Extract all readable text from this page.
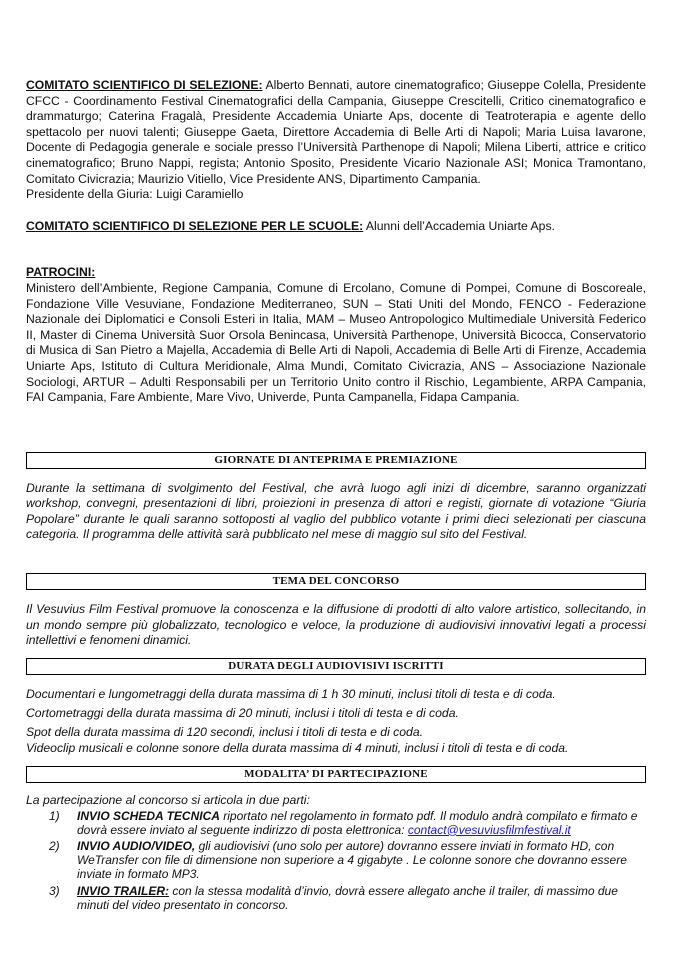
COMITATO SCIENTIFICO DI SELEZIONE: Alberto Bennati, autore cinematografico; Giuseppe Colella, Presidente CFCC - Coordinamento Festival Cinematografici della Campania, Giuseppe Crescitelli, Critico cinematografico e drammaturgo; Caterina Fragalà, Presidente Accademia Uniarte Aps, docente di Teatroterapia e agente dello spettacolo per nuovi talenti; Giuseppe Gaeta, Direttore Accademia di Belle Arti di Napoli; Maria Luisa Iavarone, Docente di Pedagogia generale e sociale presso l’Università Parthenope di Napoli; Milena Liberti, attrice e critico cinematografico; Bruno Nappi, regista; Antonio Sposito, Presidente Vicario Nazionale ASI; Monica Tramontano, Comitato Civicrazia; Maurizio Vitiello, Vice Presidente ANS, Dipartimento Campania.

Presidente della Giuria: Luigi Caramiello

COMITATO SCIENTIFICO DI SELEZIONE PER LE SCUOLE: Alunni dell’Accademia Uniarte Aps.

PATROCINI:

Ministero dell’Ambiente, Regione Campania, Comune di Ercolano, Comune di Pompei, Comune di Boscoreale, Fondazione Ville Vesuviane, Fondazione Mediterraneo, SUN – Stati Uniti del Mondo, FENCO - Federazione Nazionale dei Diplomatici e Consoli Esteri in Italia, MAM – Museo Antropologico Multimediale Università Federico II, Master di Cinema Università Suor Orsola Benincasa, Università Parthenope, Università Bicocca, Conservatorio di Musica di San Pietro a Majella, Accademia di Belle Arti di Napoli, Accademia di Belle Arti di Firenze, Accademia Uniarte Aps, Istituto di Cultura Meridionale, Alma Mundi, Comitato Civicrazia, ANS – Associazione Nazionale Sociologi, ARTUR – Adulti Responsabili per un Territorio Unito contro il Rischio, Legambiente, ARPA Campania, FAI Campania, Fare Ambiente, Mare Vivo, Univerde, Punta Campanella, Fidapa Campania.

GIORNATE DI ANTEPRIMA E PREMIAZIONE

Durante la settimana di svolgimento del Festival, che avrà luogo agli inizi di dicembre, saranno organizzati workshop, convegni, presentazioni di libri, proiezioni in presenza di attori e registi, giornate di votazione “Giuria Popolare” durante le quali saranno sottoposti al vaglio del pubblico votante i primi dieci selezionati per ciascuna categoria. Il programma delle attività sarà pubblicato nel mese di maggio sul sito del Festival.

TEMA DEL CONCORSO

Il Vesuvius Film Festival promuove la conoscenza e la diffusione di prodotti di alto valore artistico, sollecitando, in un mondo sempre più globalizzato, tecnologico e veloce, la produzione di audiovisivi innovativi legati a processi intellettivi e fenomeni dinamici.

DURATA DEGLI AUDIOVISIVI ISCRITTI

Documentari e lungometraggi della durata massima di 1 h 30 minuti, inclusi titoli di testa e di coda.

Cortometraggi della durata massima di 20 minuti, inclusi i titoli di testa e di coda.

Spot della durata massima di 120 secondi, inclusi i titoli di testa e di coda.

Videoclip musicali e colonne sonore della durata massima di 4 minuti, inclusi i titoli di testa e di coda.

MODALITA’ DI PARTECIPAZIONE

La partecipazione al concorso si articola in due parti:

1)	INVIO SCHEDA TECNICA riportato nel regolamento in formato pdf. Il modulo andrà compilato e firmato e dovrà essere inviato al seguente indirizzo di posta elettronica: contact@vesuviusfilmfestival.it
2)	INVIO AUDIO/VIDEO, gli audiovisivi (uno solo per autore) dovranno essere inviati in formato HD, con WeTransfer con file di dimensione non superiore a 4 gigabyte . Le colonne sonore che dovranno essere inviate in formato MP3.
3)	INVIO TRAILER: con la stessa modalità d’invio, dovrà essere allegato anche il trailer, di massimo due minuti del video presentato in concorso.
